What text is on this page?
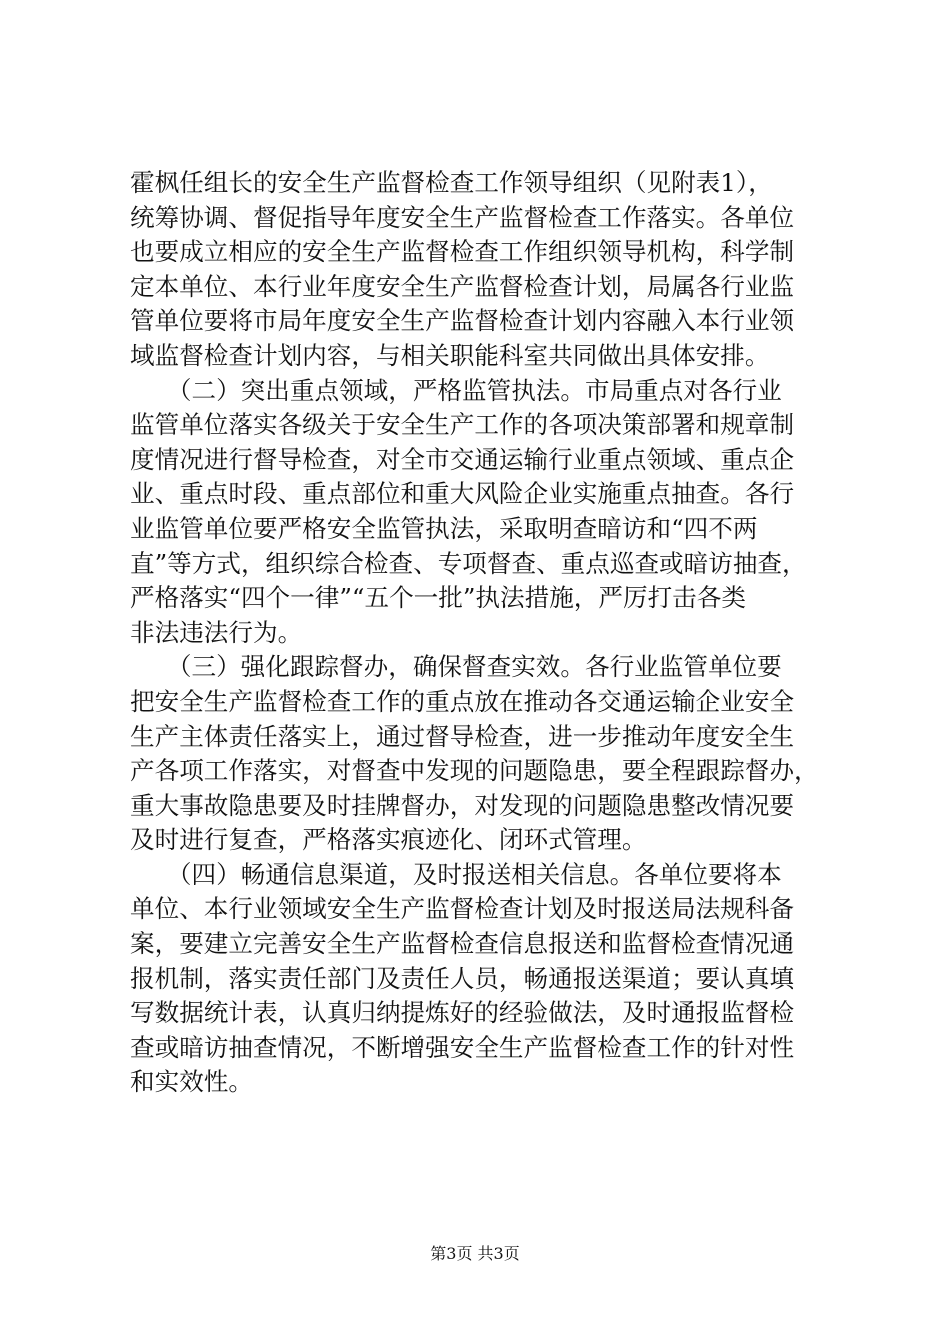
霍枫任组长的安全生产监督检查工作领导组织（见附表1），
统筹协调、督促指导年度安全生产监督检查工作落实。各单位
也要成立相应的安全生产监督检查工作组织领导机构，科学制
定本单位、本行业年度安全生产监督检查计划，局属各行业监
管单位要将市局年度安全生产监督检查计划内容融入本行业领
域监督检查计划内容，与相关职能科室共同做出具体安排。
　　（二）突出重点领域，严格监管执法。市局重点对各行业
监管单位落实各级关于安全生产工作的各项决策部署和规章制
度情况进行督导检查，对全市交通运输行业重点领域、重点企
业、重点时段、重点部位和重大风险企业实施重点抽查。各行
业监管单位要严格安全监管执法，采取明查暗访和“四不两
直”等方式，组织综合检查、专项督查、重点巡查或暗访抽查，
严格落实“四个一律”“五个一批”执法措施，严厉打击各类
非法违法行为。
　　（三）强化跟踪督办，确保督查实效。各行业监管单位要
把安全生产监督检查工作的重点放在推动各交通运输企业安全
生产主体责任落实上，通过督导检查，进一步推动年度安全生
产各项工作落实，对督查中发现的问题隐患，要全程跟踪督办，
重大事故隐患要及时挂牌督办，对发现的问题隐患整改情况要
及时进行复查，严格落实痕迹化、闭环式管理。
　　（四）畅通信息渠道，及时报送相关信息。各单位要将本
单位、本行业领域安全生产监督检查计划及时报送局法规科备
案，要建立完善安全生产监督检查信息报送和监督检查情况通
报机制，落实责任部门及责任人员，畅通报送渠道；要认真填
写数据统计表，认真归纳提炼好的经验做法，及时通报监督检
查或暗访抽查情况，不断增强安全生产监督检查工作的针对性
和实效性。
第3页 共3页
